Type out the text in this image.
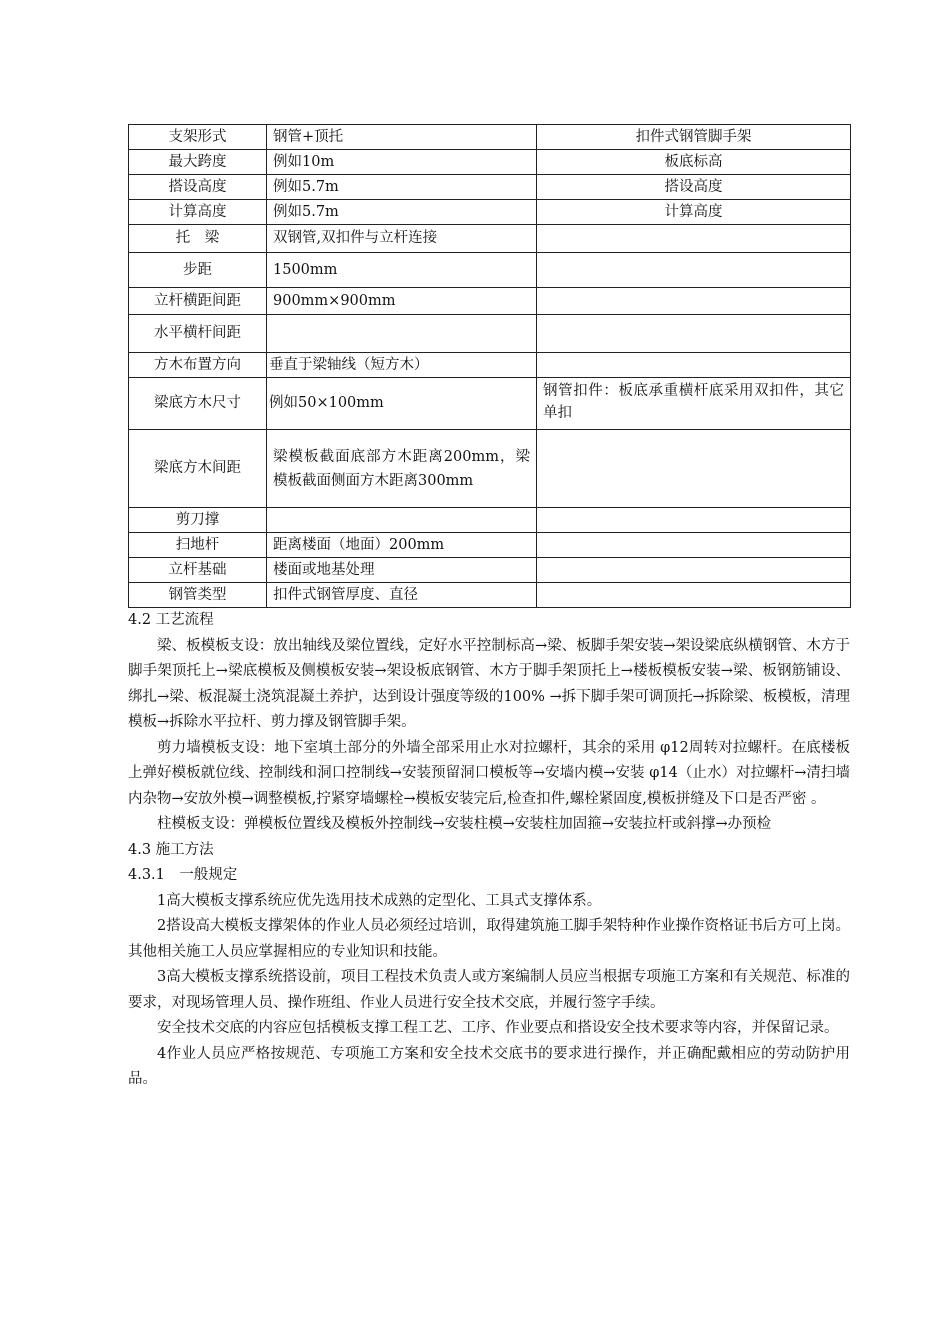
支架形式	钢管+顶托	扣件式钢管脚手架
最大跨度	例如10m	板底标高
搭设高度	例如5.7m	搭设高度
计算高度	例如5.7m	计算高度
托　梁	双钢管,双扣件与立杆连接	
步距	1500mm	
立杆横距间距	900mm×900mm	
水平横杆间距		
方木布置方向	垂直于梁轴线（短方木）	
梁底方木尺寸	例如50×100mm	钢管扣件：板底承重横杆底采用双扣件，其它单扣
梁底方木间距	梁模板截面底部方木距离200mm，梁模板截面侧面方木距离300mm	
剪刀撑		
扫地杆	距离楼面（地面）200mm	
立杆基础	楼面或地基处理	
钢管类型	扣件式钢管厚度、直径	

4.2 工艺流程

梁、板模板支设：放出轴线及梁位置线，定好水平控制标高→梁、板脚手架安装→架设梁底纵横钢管、木方于脚手架顶托上→梁底模板及侧模板安装→架设板底钢管、木方于脚手架顶托上→楼板模板安装→梁、板钢筋铺设、绑扎→梁、板混凝土浇筑混凝土养护，达到设计强度等级的100% →拆下脚手架可调顶托→拆除梁、板模板，清理模板→拆除水平拉杆、剪力撑及钢管脚手架。

剪力墙模板支设：地下室填土部分的外墙全部采用止水对拉螺杆，其余的采用 φ12周转对拉螺杆。在底楼板上弹好模板就位线、控制线和洞口控制线→安装预留洞口模板等→安墙内模→安装 φ14（止水）对拉螺杆→清扫墙内杂物→安放外模→调整模板,拧紧穿墙螺栓→模板安装完后,检查扣件,螺栓紧固度,模板拼缝及下口是否严密 。

柱模板支设：弹模板位置线及模板外控制线→安装柱模→安装柱加固箍→安装拉杆或斜撑→办预检

4.3 施工方法

4.3.1　一般规定

1高大模板支撑系统应优先选用技术成熟的定型化、工具式支撑体系。

2搭设高大模板支撑架体的作业人员必须经过培训，取得建筑施工脚手架特种作业操作资格证书后方可上岗。其他相关施工人员应掌握相应的专业知识和技能。

3高大模板支撑系统搭设前，项目工程技术负责人或方案编制人员应当根据专项施工方案和有关规范、标准的要求，对现场管理人员、操作班组、作业人员进行安全技术交底，并履行签字手续。

安全技术交底的内容应包括模板支撑工程工艺、工序、作业要点和搭设安全技术要求等内容，并保留记录。

4作业人员应严格按规范、专项施工方案和安全技术交底书的要求进行操作，并正确配戴相应的劳动防护用品。
